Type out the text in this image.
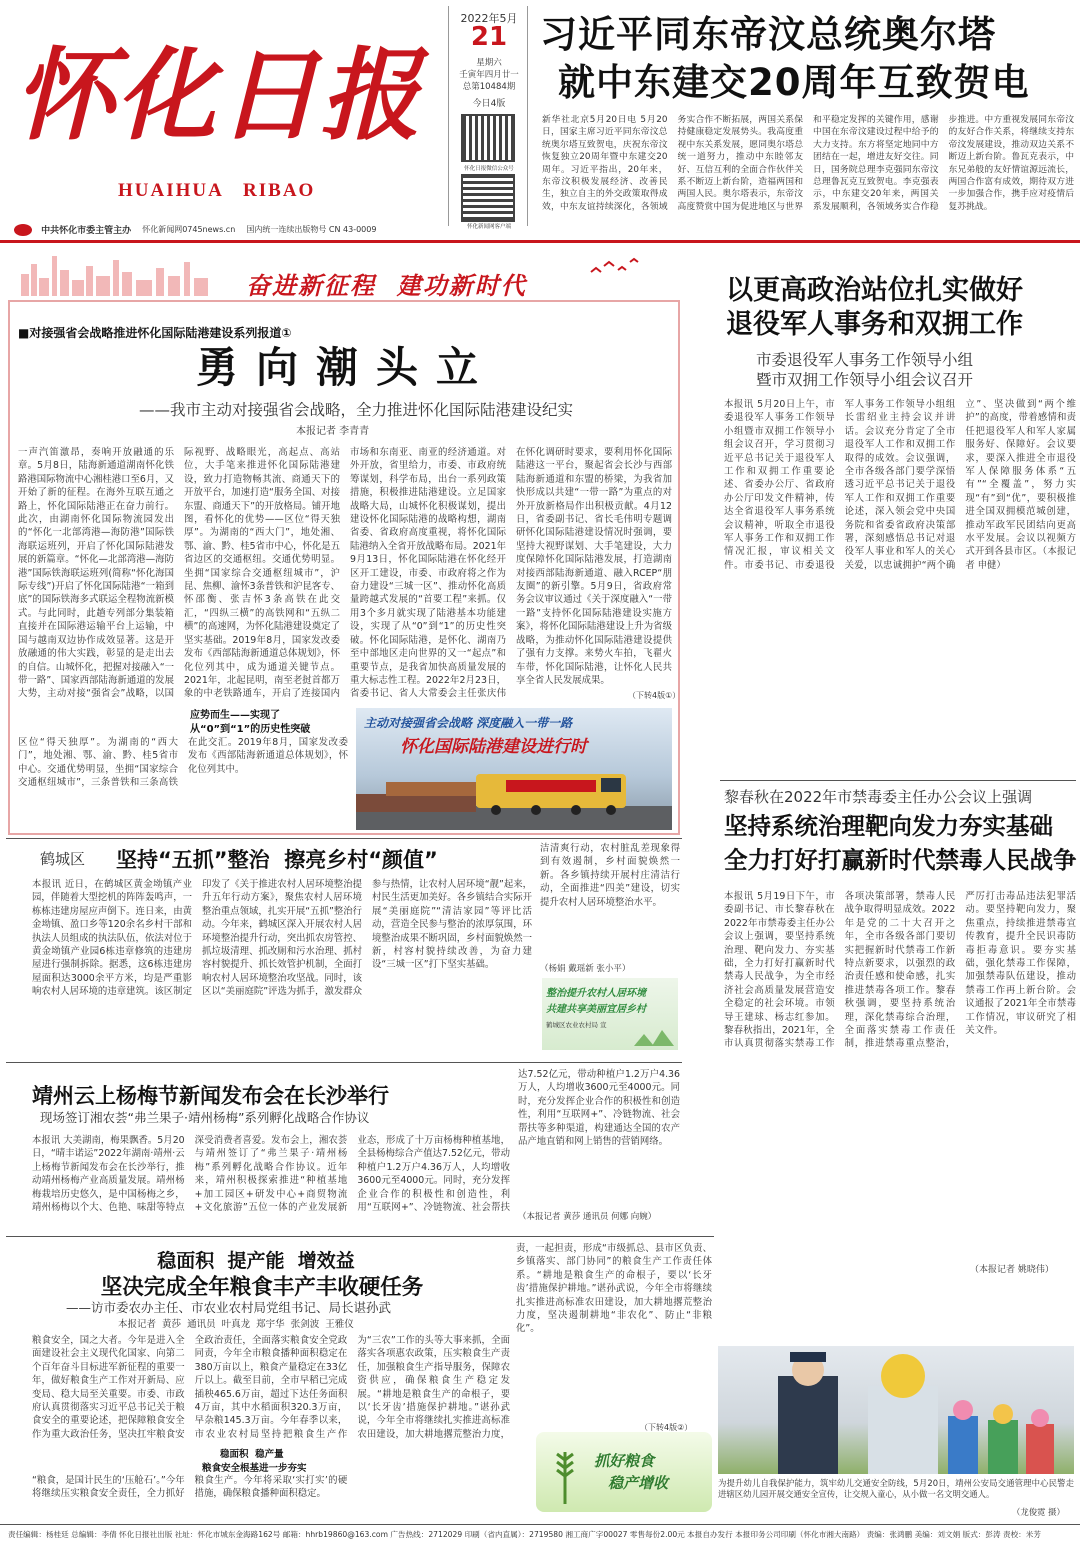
怀化日报
HUAIHUA   RIBAO
2022年5月
21
星期六
壬寅年四月廿一
总第10484期
今日4版
怀化日报微信公众号
怀化新闻网客户端
习近平同东帝汶总统奥尔塔
就中东建交20周年互致贺电
新华社北京5月20日电 5月20日，国家主席习近平同东帝汶总统奥尔塔互致贺电，庆祝东帝汶恢复独立20周年暨中东建交20周年。习近平指出，20年来，东帝汶积极发展经济、改善民生，独立自主的外交政策取得成效，中东友谊持续深化，各领域务实合作不断拓展，两国关系保持健康稳定发展势头。我高度重视中东关系发展，愿同奥尔塔总统一道努力，推动中东睦邻友好、互信互利的全面合作伙伴关系不断迈上新台阶，造福两国和两国人民。奥尔塔表示，东帝汶高度赞赏中国为促进地区与世界和平稳定发挥的关键作用，感谢中国在东帝汶建设过程中给予的大力支持。东方将坚定地同中方团结在一起，增进友好交往。同日，国务院总理李克强同东帝汶总理鲁瓦克互致贺电。李克强表示，中东建交20年来，两国关系发展顺利，各领域务实合作稳步推进。中方重视发展同东帝汶的友好合作关系，将继续支持东帝汶发展建设，推动双边关系不断迈上新台阶。鲁瓦克表示，中东兄弟般的友好情谊源远流长，两国合作富有成效，期待双方进一步加强合作，携手应对疫情后复苏挑战。
中共怀化市委主管主办 怀化新闻网0745news.cn 国内统一连续出版物号 CN 43-0009
奋进新征程  建功新时代
■对接强省会战略推进怀化国际陆港建设系列报道①
勇向潮头立
——我市主动对接强省会战略，全力推进怀化国际陆港建设纪实
本报记者 李青青
一声汽笛激昂，奏响开放融通的乐章。5月8日，陆海新通道湖南怀化铁路港国际物流中心湘桂港口至6月，又开始了新的征程。在海外互联互通之路上，怀化国际陆港正在奋力前行。此次，由湖南怀化国际物流园发出的“怀化一北部湾港—海防港”国际铁海联运班列，开启了怀化国际陆港发展的新篇章。“怀化—北部湾港—海防港”国际铁海联运班列(简称“怀化海国际专线”)开启了怀化国际陆港“一箱到底”的国际铁海多式联运全程物流新模式。与此同时，此趟专列部分集装箱直接并在国际港运输平台上运输，中国与越南双边协作成效显著。这是开放融通的伟大实践，彰显的是走出去的自信。山城怀化，把握对接融入“一带一路”、国家西部陆海新通道的发展大势，主动对接“强省会”战略，以国际视野、战略眼光，高起点、高站位，大手笔来推进怀化国际陆港建设，致力打造物畅其流、商通天下的开放平台，加速打造“服务全国、对接东盟、商通天下”的开放格局。铺开地图，看怀化的优势——区位“得天独厚”。为湖南的“西大门”，地处湘、鄂、渝、黔、桂5省市中心，怀化是五省边区的交通枢纽。交通优势明显。坐拥“国家综合交通枢纽城市”，沪昆、焦柳、渝怀3条普铁和沪昆客专、怀邵衡、张吉怀3条高铁在此交汇，“四纵三横”的高铁网和“五纵二横”的高速网，为怀化陆港建设奠定了坚实基础。2019年8月，国家发改委发布《西部陆海新通道总体规划》，怀化位列其中，成为通道关键节点。2021年，北起昆明，南至老挝首都万象的中老铁路通车，开启了连接国内市场和东南亚、南亚的经济通道。对外开放，省里给力，市委、市政府统筹谋划，科学布局，出台一系列政策措施，积极推进陆港建设。立足国家战略大局，山城怀化积极谋划，提出建设怀化国际陆港的战略构想，湖南省委、省政府高度重视，将怀化国际陆港纳入全省开放战略布局。2021年9月13日，怀化国际陆港在怀化经开区开工建设，市委、市政府将之作为奋力建设“三城一区”、推动怀化高质量跨越式发展的“首要工程”来抓。仅用3个多月就实现了陆港基本功能建设，实现了从“0”到“1”的历史性突破。怀化国际陆港，是怀化、湖南乃至中部地区走向世界的又一“起点”和重要节点，是我省加快高质量发展的重大标志性工程。2022年2月23日，省委书记、省人大常委会主任张庆伟在怀化调研时要求，要利用怀化国际陆港这一平台，聚起省会长沙与西部陆海新通道和东盟的桥梁，为我省加快形成以共建“一带一路”为重点的对外开放新格局作出积极贡献。4月12日，省委副书记、省长毛伟明专题调研怀化国际陆港建设情况时强调，要坚持大视野谋划、大手笔建设，大力度保障怀化国际陆港发展，打造湖南对接西部陆海新通道、融入RCEP“朋友圈”的新引擎。5月9日，省政府常务会议审议通过《关于深度融入“一带一路”支持怀化国际陆港建设实施方案》，将怀化国际陆港建设上升为省级战略，为推动怀化国际陆港建设提供了强有力支撑。来势火车拍，飞翟火车带，怀化国际陆港，让怀化人民共享全省人民发展成果。
应势而生——实现了
从“0”到“1”的历史性突破
区位“得天独厚”。为湖南的“西大门”，地处湘、鄂、渝、黔、桂5省市中心。交通优势明显，坐拥“国家综合交通枢纽城市”，三条普铁和三条高铁在此交汇。2019年8月，国家发改委发布《西部陆海新通道总体规划》，怀化位列其中。
（下转4版①）
主动对接强省会战略 深度融入一带一路
怀化国际陆港建设进行时
以更高政治站位扎实做好
退役军人事务和双拥工作
市委退役军人事务工作领导小组
暨市双拥工作领导小组会议召开
本报讯 5月20日上午，市委退役军人事务工作领导小组暨市双拥工作领导小组会议召开，学习贯彻习近平总书记关于退役军人工作和双拥工作重要论述、省委办公厅、省政府办公厅印发文件精神，传达全省退役军人事务系统会议精神，听取全市退役军人事务工作和双拥工作情况汇报，审议相关文件。市委书记、市委退役军人事务工作领导小组组长雷绍业主持会议并讲话。会议充分肯定了全市退役军人工作和双拥工作取得的成效。会议强调，全市各级各部门要学深悟透习近平总书记关于退役军人工作和双拥工作重要论述，深入领会党中央国务院和省委省政府决策部署，深刻感悟总书记对退役军人事业和军人的关心关爱，以忠诚拥护“两个确立”、坚决做到“两个维护”的高度，带着感情和责任把退役军人和军人家属服务好、保障好。会议要求，要深入推进全市退役军人保障服务体系“五有”“全覆盖”，努力实现“有”到“优”，要积极推进全国双拥模范城创建，推动军政军民团结向更高水平发展。会议以视频方式开到各县市区。（本报记者 申健）
黎春秋在2022年市禁毒委主任办公会议上强调
坚持系统治理靶向发力夯实基础
全力打好打赢新时代禁毒人民战争
本报讯 5月19日下午，市委副书记、市长黎春秋在2022年市禁毒委主任办公会议上强调，要坚持系统治理、靶向发力、夯实基础，全力打好打赢新时代禁毒人民战争，为全市经济社会高质量发展营造安全稳定的社会环境。市领导王建球、杨志红参加。黎春秋指出，2021年，全市认真贯彻落实禁毒工作各项决策部署，禁毒人民战争取得明显成效。2022年是党的二十大召开之年，全市各级各部门要切实把握新时代禁毒工作新特点新要求，以强烈的政治责任感和使命感，扎实推进禁毒各项工作。黎春秋强调，要坚持系统治理，深化禁毒综合治理，全面落实禁毒工作责任制，推进禁毒重点整治，严厉打击毒品违法犯罪活动。要坚持靶向发力，聚焦重点，持续推进禁毒宣传教育，提升全民识毒防毒拒毒意识。要夯实基础，强化禁毒工作保障，加强禁毒队伍建设，推动禁毒工作再上新台阶。会议通报了2021年全市禁毒工作情况，审议研究了相关文件。
（本报记者 姚晓伟）
鹤城区 坚持“五抓”整治  擦亮乡村“颜值”
本报讯 近日，在鹤城区黄金坳镇产业园，伴随着大型挖机的阵阵轰鸣声，一栋栋违建房屋应声倒下。连日来，由黄金坳镇、盈口乡等120余名乡村干部和执法人员组成的执法队伍，依法对位于黄金坳镇产业园6栋违章修筑的违建房屋进行强制拆除。据悉，这6栋违建房屋面积达3000余平方米，均是严重影响农村人居环境的违章建筑。该区制定印发了《关于推进农村人居环境整治提升五年行动方案》，聚焦农村人居环境整治重点领域，扎实开展“五抓”整治行动。今年来，鹤城区深入开展农村人居环境整治提升行动，突出抓农房管控、抓垃圾清理、抓改厕和污水治理、抓村容村貌提升、抓长效管护机制，全面打响农村人居环境整治攻坚战。同时，该区以“美丽庭院”评选为抓手，激发群众参与热情，让农村人居环境“靓”起来，村民生活更加美好。各乡镇结合实际开展“美丽庭院”“清洁家园”等评比活动，营造全民参与整治的浓厚氛围，环境整治成果不断巩固，乡村面貌焕然一新，村容村貌持续改善，为奋力建设“三城一区”打下坚实基础。
洁清爽行动，农村脏乱差现象得到有效遏制，乡村面貌焕然一新。各乡镇持续开展村庄清洁行动，全面推进“四美”建设，切实提升农村人居环境整治水平。
（杨娟 戴瑶新 张小平）
整治提升农村人居环境
共建共享美丽宜居乡村
鹤城区农业农村局 宣
靖州云上杨梅节新闻发布会在长沙举行
现场签订湘农荟“弗兰果子·靖州杨梅”系列孵化战略合作协议
本报讯 大美湖南，梅果飘香。5月20日，“晴丰诺运”2022年湖南·靖州·云上杨梅节新闻发布会在长沙举行，推动靖州杨梅产业高质量发展。靖州杨梅栽培历史悠久，是中国杨梅之乡，靖州杨梅以个大、色艳、味甜等特点深受消费者喜爱。发布会上，湘农荟与靖州签订了“弗兰果子·靖州杨梅”系列孵化战略合作协议。近年来，靖州积极探索推进“种植基地+加工园区+研发中心+商贸物流+文化旅游”五位一体的产业发展新业态，形成了十万亩杨梅种植基地，全县杨梅综合产值达7.52亿元，带动种植户1.2万户4.36万人，人均增收3600元至4000元。同时，充分发挥企业合作的积极性和创造性，利用“互联网+”、冷链物流、社会帮扶
达7.52亿元，带动种植户1.2万户4.36万人，人均增收3600元至4000元。同时，充分发挥企业合作的积极性和创造性，利用“互联网+”、冷链物流、社会帮扶等多种渠道，构建通达全国的农产品产地直销和网上销售的营销网络。
（本报记者 黄莎 通讯员 何娜 向婉）
稳面积  提产能  增效益
坚决完成全年粮食丰产丰收硬任务
——访市委农办主任、市农业农村局党组书记、局长谌孙武
本报记者  黄莎  通讯员  叶真龙  郑宇华  张剑波  王雅仪
粮食安全，国之大者。今年是进入全面建设社会主义现代化国家、向第二个百年奋斗目标进军新征程的重要一年，做好粮食生产工作对开新局、应变局、稳大局至关重要。市委、市政府认真贯彻落实习近平总书记关于粮食安全的重要论述，把保障粮食安全作为重大政治任务，坚决扛牢粮食安全政治责任，全面落实粮食安全党政同责，今年全市粮食播种面积稳定在380万亩以上，粮食产量稳定在33亿斤以上。截至目前，全市早稻已完成插秧465.6万亩，超过下达任务面积4万亩，其中水稻面积320.3万亩，早杂粮145.3万亩。今年春季以来，市农业农村局坚持把粮食生产作为“三农”工作的头等大事来抓，全面落实各项惠农政策，压实粮食生产责任，加强粮食生产指导服务，保障农资供应，确保粮食生产稳定发展。“耕地是粮食生产的命根子，要以‘长牙齿’措施保护耕地。”谌孙武说，今年全市将继续扎实推进高标准农田建设，加大耕地撂荒整治力度，
稳面积  稳产量
粮食安全根基进一步夯实
“粮食，是国计民生的‘压舱石’。”今年将继续压实粮食安全责任，全力抓好粮食生产。今年将采取‘实打实’的硬措施，确保粮食播种面积稳定。
责，一起担责，形成“市级抓总、县市区负责、乡镇落实、部门协同”的粮食生产工作责任体系。“耕地是粮食生产的命根子，要以‘长牙齿’措施保护耕地。”谌孙武说，今年全市将继续扎实推进高标准农田建设，加大耕地撂荒整治力度，坚决遏制耕地“非农化”、防止“非粮化”。
（下转4版②）
抓好粮食
稳产增收	为提升幼儿自我保护能力，筑牢幼儿交通安全防线，5月20日，靖州公安局交通管理中心民警走进辖区幼儿园开展交通安全宣传，让交规入童心，从小做一名文明交通人。
（龙俊霓 摄）
责任编辑：杨桂廷 总编辑：李倩 怀化日报社出版 社址：怀化市城东金海路162号 邮箱：hhrb19860@163.com 广告热线：2712029 印刷（省内直属）：2719580 湘工商广字00027 零售每份2.00元 本报自办发行 本报印务公司印刷（怀化市湘大南路） 责编：张鸿鹏 美编：刘文娟 版式：彭涛 责校：米芳
